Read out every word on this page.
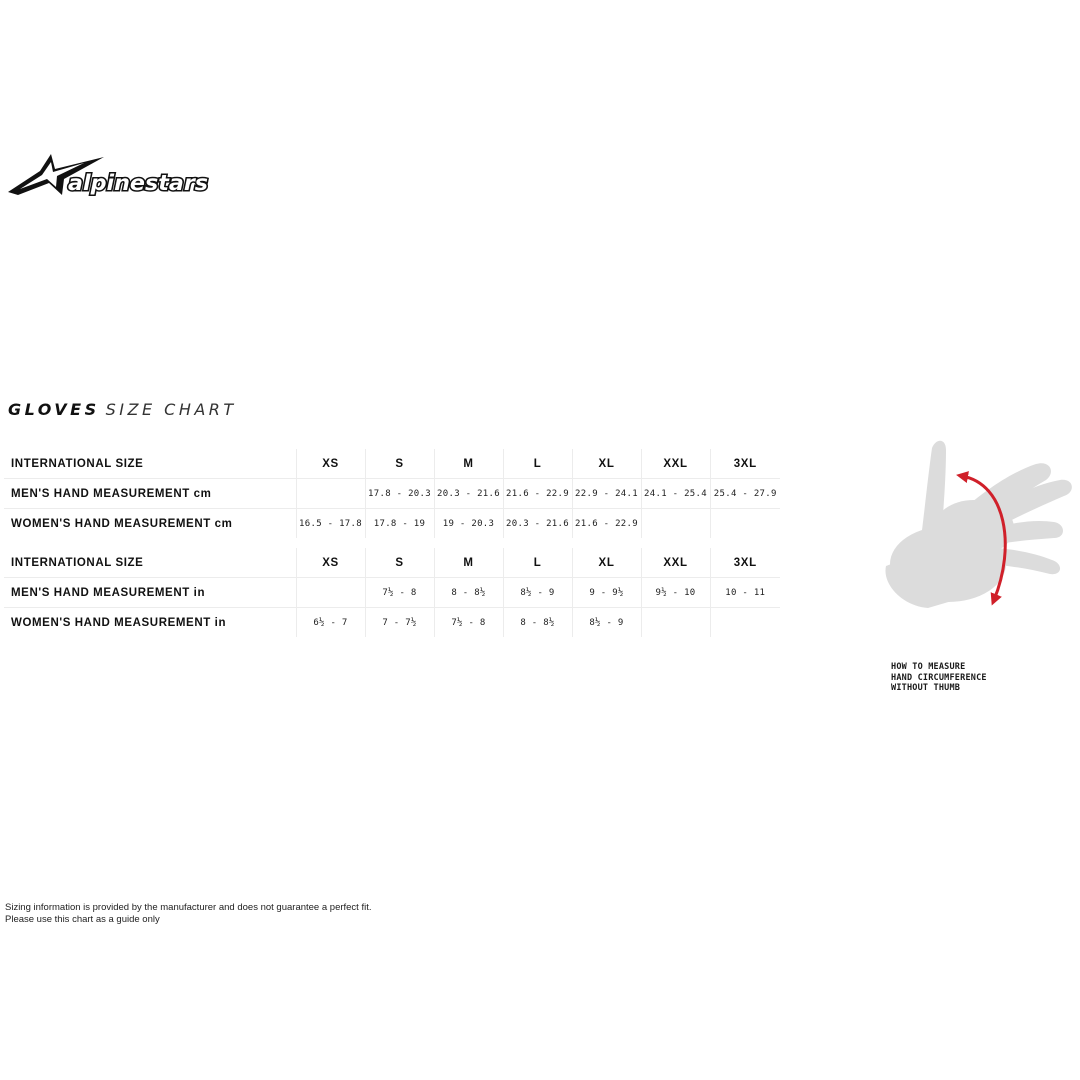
alpinestars
GLOVES SIZE CHART
INTERNATIONAL SIZE	XS	S	M	L	XL	XXL	3XL
MEN'S HAND MEASUREMENT cm		17.8 - 20.3	20.3 - 21.6	21.6 - 22.9	22.9 - 24.1	24.1 - 25.4	25.4 - 27.9
WOMEN'S HAND MEASUREMENT cm	16.5 - 17.8	17.8 - 19	19 - 20.3	20.3 - 21.6	21.6 - 22.9		

INTERNATIONAL SIZE	XS	S	M	L	XL	XXL	3XL
MEN'S HAND MEASUREMENT in		7½ - 8	8 - 8½	8½ - 9	9 - 9½	9½ - 10	10 - 11
WOMEN'S HAND MEASUREMENT in	6½ - 7	7 - 7½	7½ - 8	8 - 8½	8½ - 9		
HOW TO MEASURE
HAND CIRCUMFERENCE
WITHOUT THUMB
Sizing information is provided by the manufacturer and does not guarantee a perfect fit.
Please use this chart as a guide only
